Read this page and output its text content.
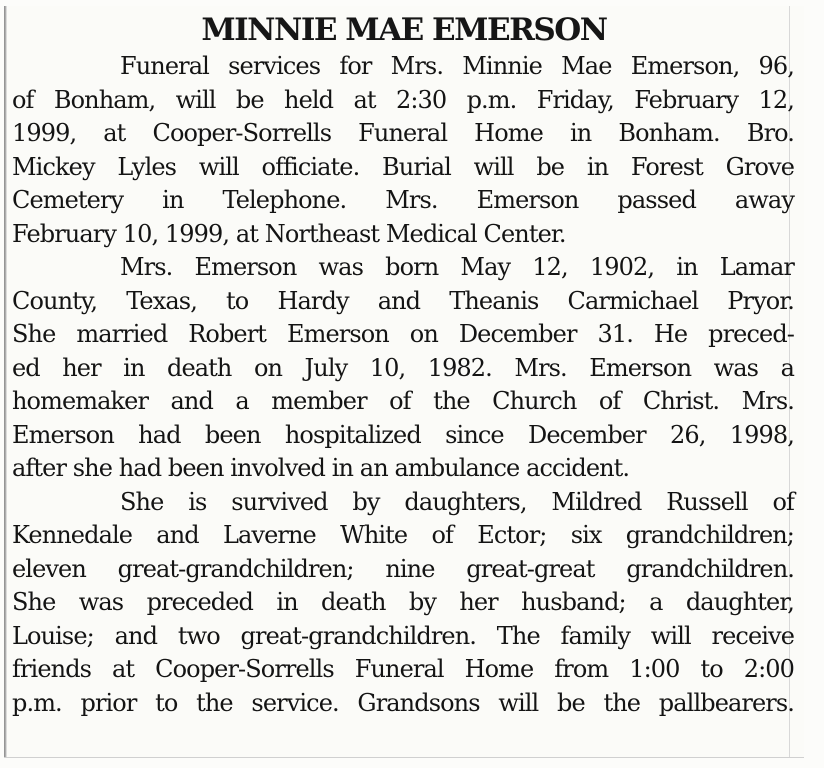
MINNIE MAE EMERSON
Funeral services for Mrs. Minnie Mae Emerson, 96,
of Bonham, will be held at 2:30 p.m. Friday, February 12,
1999, at Cooper-Sorrells Funeral Home in Bonham. Bro.
Mickey Lyles will officiate. Burial will be in Forest Grove
Cemetery in Telephone. Mrs. Emerson passed away
February 10, 1999, at Northeast Medical Center.
Mrs. Emerson was born May 12, 1902, in Lamar
County, Texas, to Hardy and Theanis Carmichael Pryor.
She married Robert Emerson on December 31. He preced-
ed her in death on July 10, 1982. Mrs. Emerson was a
homemaker and a member of the Church of Christ. Mrs.
Emerson had been hospitalized since December 26, 1998,
after she had been involved in an ambulance accident.
She is survived by daughters, Mildred Russell of
Kennedale and Laverne White of Ector; six grandchildren;
eleven great-grandchildren; nine great-great grandchildren.
She was preceded in death by her husband; a daughter,
Louise; and two great-grandchildren. The family will receive
friends at Cooper-Sorrells Funeral Home from 1:00 to 2:00
p.m. prior to the service. Grandsons will be the pallbearers.
